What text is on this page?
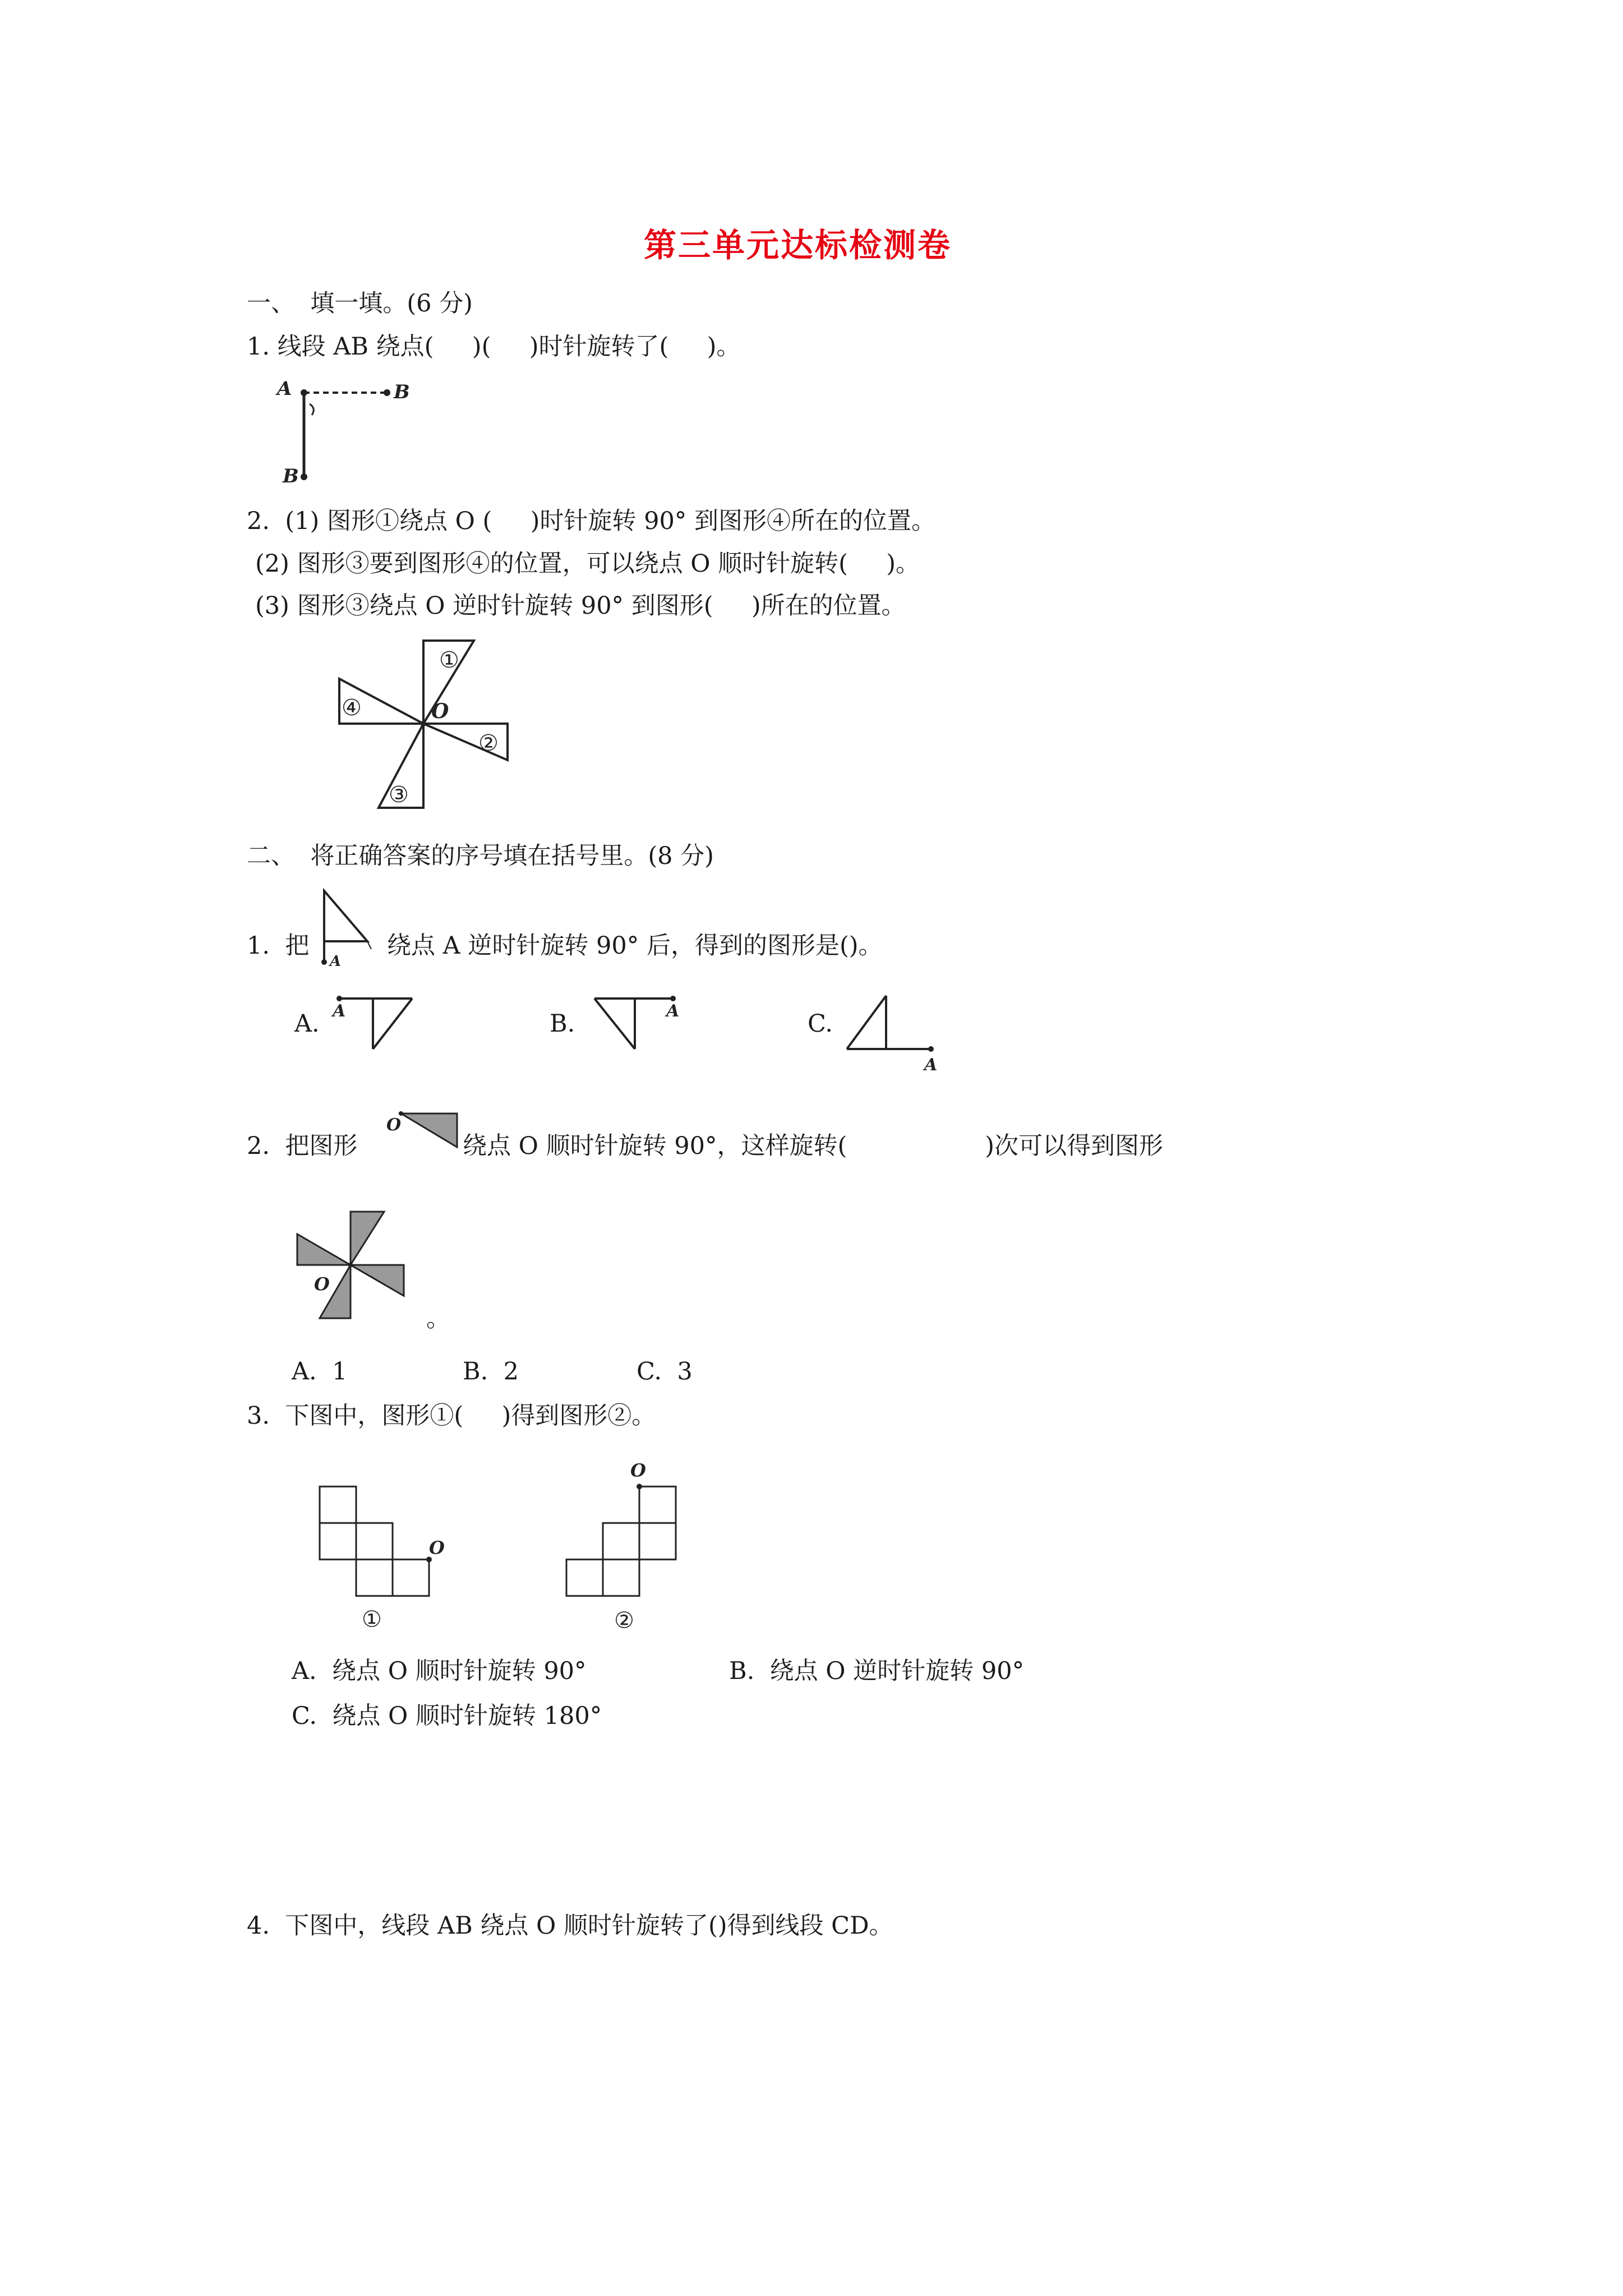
第三单元达标检测卷
一、  填一填。(6 分)
1. 线段 AB 绕点(     )(     )时针旋转了(     )。
A	B
B
2.  (1) 图形①绕点 O (     )时针旋转 90° 到图形④所在的位置。
(2) 图形③要到图形④的位置，可以绕点 O 顺时针旋转(     )。
(3) 图形③绕点 O 逆时针旋转 90° 到图形(     )所在的位置。
①
②
③
④	O
二、  将正确答案的序号填在括号里。(8 分)
1.  把
A
绕点 A 逆时针旋转 90° 后，得到的图形是()。
A. A	B.	A	C.
A
2.  把图形
O
绕点 O 顺时针旋转 90°，这样旋转(                  )次可以得到图形
O
。
A.  1	B.  2	C.  3
3.  下图中，图形①(     )得到图形②。
O
①
O
②
A.  绕点 O 顺时针旋转 90°	B.  绕点 O 逆时针旋转 90°
C.  绕点 O 顺时针旋转 180°
4.  下图中，线段 AB 绕点 O 顺时针旋转了()得到线段 CD。
